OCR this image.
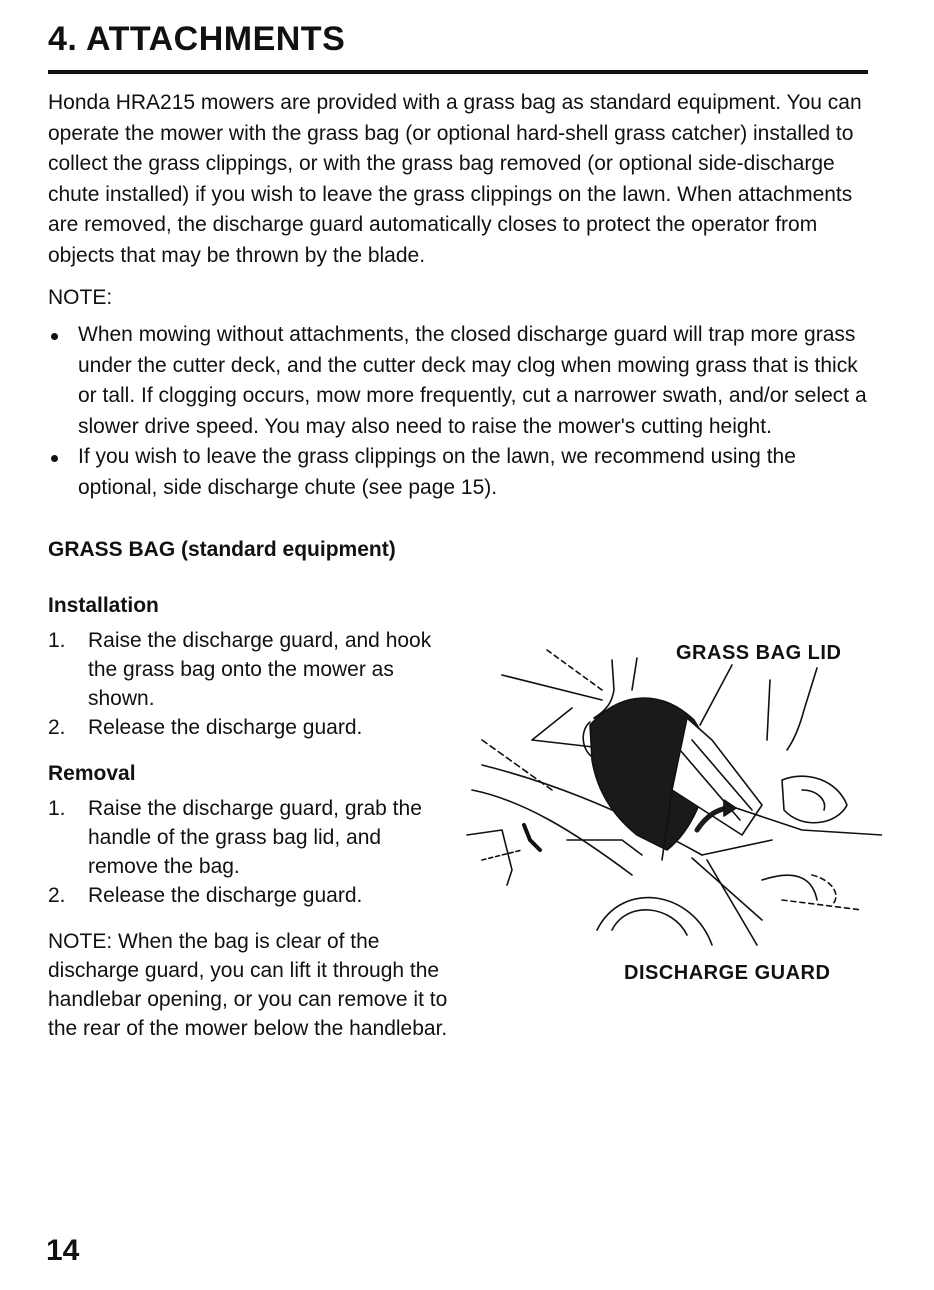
4. ATTACHMENTS

Honda HRA215 mowers are provided with a grass bag as standard equipment. You can operate the mower with the grass bag (or optional hard-shell grass catcher) installed to collect the grass clippings, or with the grass bag removed (or optional side-discharge chute installed) if you wish to leave the grass clippings on the lawn. When attachments are removed, the discharge guard automatically closes to protect the operator from objects that may be thrown by the blade.

NOTE:

When mowing without attachments, the closed discharge guard will trap more grass under the cutter deck, and the cutter deck may clog when mowing grass that is thick or tall. If clogging occurs, mow more frequently, cut a narrower swath, and/or select a slower drive speed. You may also need to raise the mower's cutting height.
If you wish to leave the grass clippings on the lawn, we recommend using the optional, side discharge chute (see page 15).

GRASS BAG (standard equipment)

Installation

1. Raise the discharge guard, and hook the grass bag onto the mower as shown.
2. Release the discharge guard.

Removal

1. Raise the discharge guard, grab the handle of the grass bag lid, and remove the bag.
2. Release the discharge guard.

NOTE: When the bag is clear of the discharge guard, you can lift it through the handlebar opening, or you can remove it to the rear of the mower below the handlebar.

GRASS BAG LID
DISCHARGE GUARD

14
